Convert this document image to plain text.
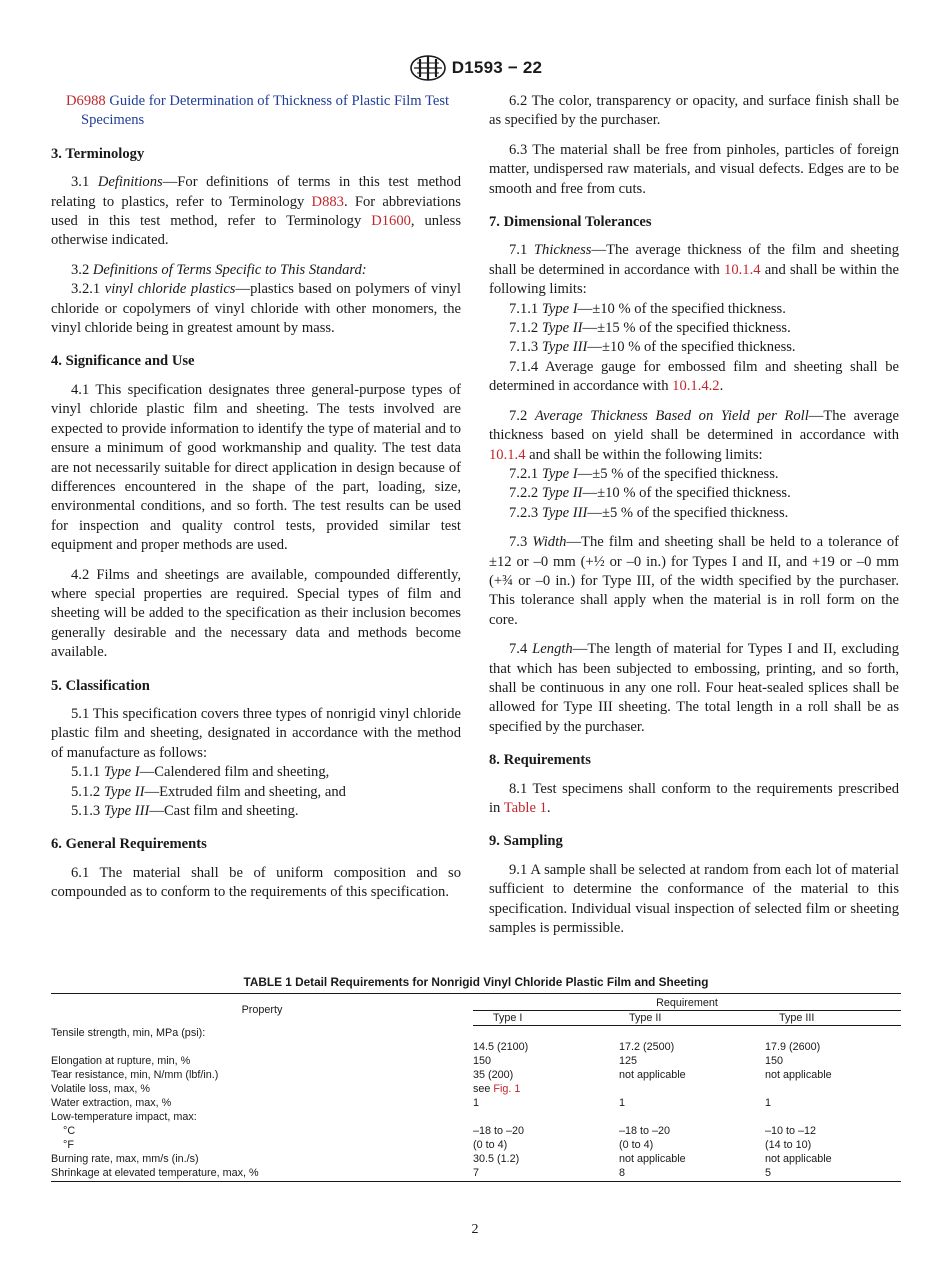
D1593 − 22

D6988 Guide for Determination of Thickness of Plastic Film Test Specimens

3. Terminology

3.1 Definitions—For definitions of terms in this test method relating to plastics, refer to Terminology D883. For abbreviations used in this test method, refer to Terminology D1600, unless otherwise indicated.

3.2 Definitions of Terms Specific to This Standard:

3.2.1 vinyl chloride plastics—plastics based on polymers of vinyl chloride or copolymers of vinyl chloride with other monomers, the vinyl chloride being in greatest amount by mass.

4. Significance and Use

4.1 This specification designates three general-purpose types of vinyl chloride plastic film and sheeting. The tests involved are expected to provide information to identify the type of material and to ensure a minimum of good workmanship and quality. The test data are not necessarily suitable for direct application in design because of differences encountered in the shape of the part, loading, size, environmental conditions, and so forth. The test results can be used for inspection and quality control tests, provided similar test equipment and proper methods are used.

4.2 Films and sheetings are available, compounded differently, where special properties are required. Special types of film and sheeting will be added to the specification as their inclusion becomes generally desirable and the necessary data and methods become available.

5. Classification

5.1 This specification covers three types of nonrigid vinyl chloride plastic film and sheeting, designated in accordance with the method of manufacture as follows:

5.1.1 Type I—Calendered film and sheeting,

5.1.2 Type II—Extruded film and sheeting, and

5.1.3 Type III—Cast film and sheeting.

6. General Requirements

6.1 The material shall be of uniform composition and so compounded as to conform to the requirements of this specification.

6.2 The color, transparency or opacity, and surface finish shall be as specified by the purchaser.

6.3 The material shall be free from pinholes, particles of foreign matter, undispersed raw materials, and visual defects. Edges are to be smooth and free from cuts.

7. Dimensional Tolerances

7.1 Thickness—The average thickness of the film and sheeting shall be determined in accordance with 10.1.4 and shall be within the following limits:

7.1.1 Type I—±10 % of the specified thickness.

7.1.2 Type II—±15 % of the specified thickness.

7.1.3 Type III—±10 % of the specified thickness.

7.1.4 Average gauge for embossed film and sheeting shall be determined in accordance with 10.1.4.2.

7.2 Average Thickness Based on Yield per Roll—The average thickness based on yield shall be determined in accordance with 10.1.4 and shall be within the following limits:

7.2.1 Type I—±5 % of the specified thickness.

7.2.2 Type II—±10 % of the specified thickness.

7.2.3 Type III—±5 % of the specified thickness.

7.3 Width—The film and sheeting shall be held to a tolerance of ±12 or –0 mm (+½ or –0 in.) for Types I and II, and +19 or –0 mm (+¾ or –0 in.) for Type III, of the width specified by the purchaser. This tolerance shall apply when the material is in roll form on the core.

7.4 Length—The length of material for Types I and II, excluding that which has been subjected to embossing, printing, and so forth, shall be continuous in any one roll. Four heat-sealed splices shall be allowed for Type III sheeting. The total length in a roll shall be as specified by the purchaser.

8. Requirements

8.1 Test specimens shall conform to the requirements prescribed in Table 1.

9. Sampling

9.1 A sample shall be selected at random from each lot of material sufficient to determine the conformance of the material to this specification. Individual visual inspection of selected film or sheeting samples is permissible.

TABLE 1 Detail Requirements for Nonrigid Vinyl Chloride Plastic Film and Sheeting
Property	Requirement		
	Type I	Type II	Type III
Tensile strength, min, MPa (psi):			
	14.5 (2100)	17.2 (2500)	17.9 (2600)
Elongation at rupture, min, %	150	125	150
Tear resistance, min, N/mm (lbf/in.)	35 (200)	not applicable	not applicable
Volatile loss, max, %	see Fig. 1		
Water extraction, max, %	1	1	1
Low-temperature impact, max:			
°C	–18 to –20	–18 to –20	–10 to –12
°F	(0 to 4)	(0 to 4)	(14 to 10)
Burning rate, max, mm/s (in./s)	30.5 (1.2)	not applicable	not applicable
Shrinkage at elevated temperature, max, %	7	8	5
2
